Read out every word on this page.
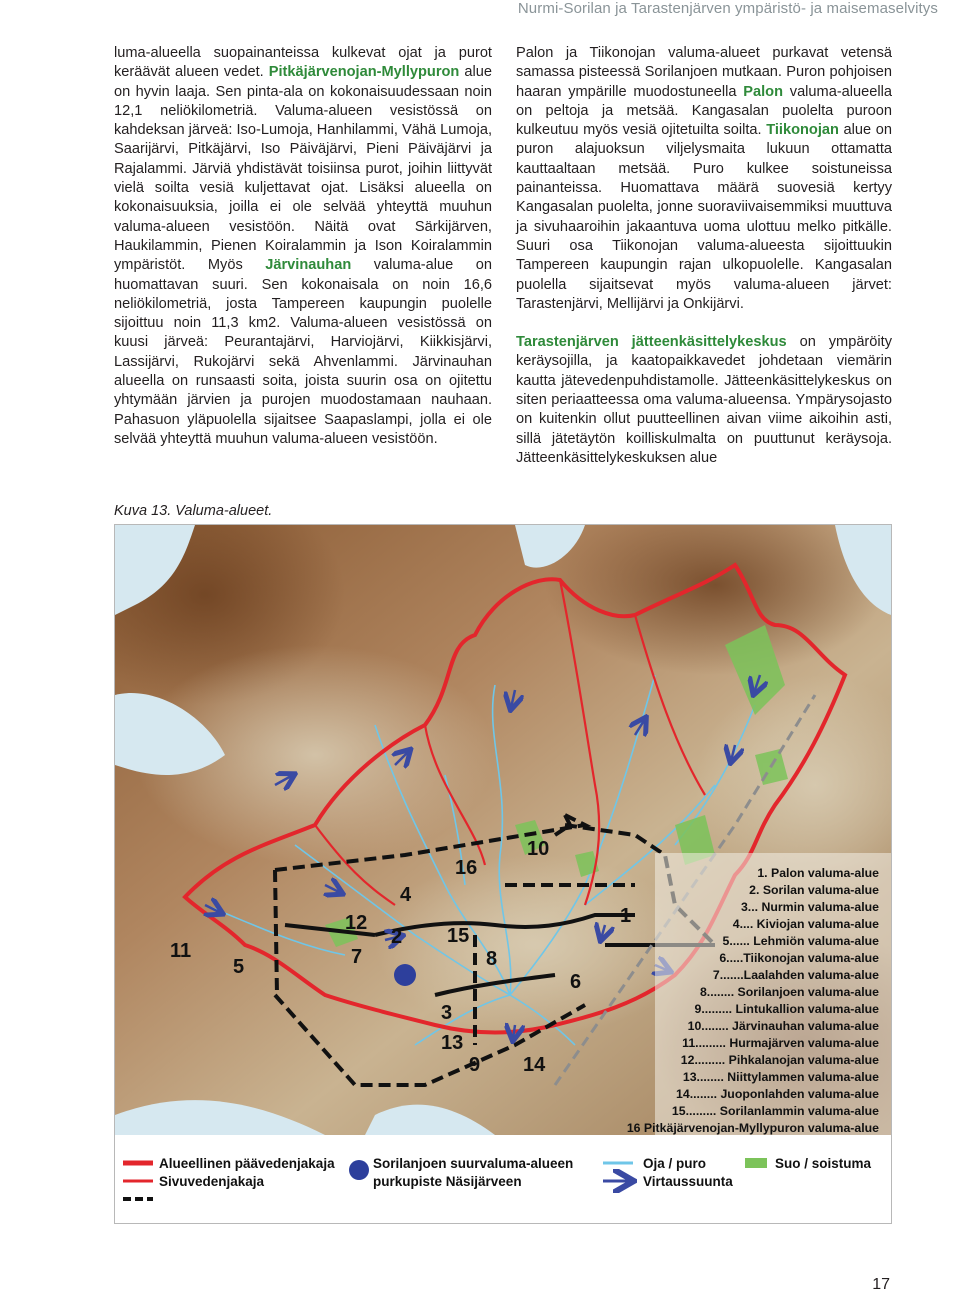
Nurmi-Sorilan ja Tarastenjärven ympäristö- ja maisemaselvitys

luma-alueella suopainanteissa kulkevat ojat ja purot keräävät alueen vedet. Pitkäjärvenojan-Myllypuron alue on hyvin laaja. Sen pinta-ala on kokonaisuudessaan noin 12,1 neliökilometriä. Valuma-alueen vesistössä on kahdeksan järveä: Iso-Lumoja, Hanhilammi, Vähä Lumoja, Saarijärvi, Pitkäjärvi, Iso Päiväjärvi, Pieni Päiväjärvi ja Rajalammi. Järviä yhdistävät toisiinsa purot, joihin liittyvät vielä soilta vesiä kuljettavat ojat. Lisäksi alueella on kokonaisuuksia, joilla ei ole selvää yhteyttä muuhun valuma-alueen vesistöön. Näitä ovat Särkijärven, Haukilammin, Pienen Koiralammin ja Ison Koiralammin ympäristöt. Myös Järvinauhan valuma-alue on huomattavan suuri. Sen kokonaisala on noin 16,6 neliökilometriä, josta Tampereen kaupungin puolelle sijoittuu noin 11,3 km2. Valuma-alueen vesistössä on kuusi järveä: Peurantajärvi, Harviojärvi, Kiikkisjärvi, Lassijärvi, Rukojärvi sekä Ahvenlammi. Järvinauhan alueella on runsaasti soita, joista suurin osa on ojitettu yhtymään järvien ja purojen muodostamaan nauhaan. Pahasuon yläpuolella sijaitsee Saapaslampi, jolla ei ole selvää yhteyttä muuhun valuma-alueen vesistöön.

Palon ja Tiikonojan valuma-alueet purkavat vetensä samassa pisteessä Sorilanjoen mutkaan. Puron pohjoisen haaran ympärille muodostuneella Palon valuma-alueella on peltoja ja metsää. Kangasalan puolelta puroon kulkeutuu myös vesiä ojitetuilta soilta. Tiikonojan alue on puron alajuoksun viljelysmaita lukuun ottamatta kauttaaltaan metsää. Puro kulkee soistuneissa painanteissa. Huomattava määrä suovesiä kertyy Kangasalan puolelta, jonne suoraviivaisemmiksi muuttuva ja sivuhaaroihin jakaantuva uoma ulottuu melko pitkälle. Suuri osa Tiikonojan valuma-alueesta sijoittuukin Tampereen kaupungin rajan ulkopuolelle. Kangasalan puolella sijaitsevat myös valuma-alueen järvet: Tarastenjärvi, Mellijärvi ja Onkijärvi.

Tarastenjärven jätteenkäsittelykeskus on ympäröity keräysojilla, ja kaatopaikkavedet johdetaan viemärin kautta jätevedenpuhdistamolle. Jätteenkäsittelykeskus on siten periaatteessa oma valuma-alueensa. Ympärysojasto on kuitenkin ollut puutteellinen aivan viime aikoihin asti, sillä jätetäytön koilliskulmalta on puuttunut keräysoja. Jätteenkäsittelykeskuksen alue

Kuva 13. Valuma-alueet.
1
2
3
4
5
6
7	8
9
10
11
12
13
14
15
16	1. Palon valuma-alue
2. Sorilan valuma-alue
3... Nurmin valuma-alue
4.... Kiviojan valuma-alue
5...... Lehmiön valuma-alue
6.....Tiikonojan valuma-alue
7.......Laalahden valuma-alue
8........ Sorilanjoen valuma-alue
9......... Lintukallion valuma-alue
10........ Järvinauhan valuma-alue
11......... Hurmajärven valuma-alue
12......... Pihkalanojan valuma-alue
13........ Niittylammen valuma-alue
14........ Juoponlahden valuma-alue
15......... Sorilanlammin valuma-alue
16 Pitkäjärvenojan-Myllypuron valuma-alue
Alueellinen päävedenjakaja
Sivuvedenjakaja
Sorilanjoen suurvaluma-alueen
purkupiste Näsijärveen
Oja / puro
Virtaussuunta
Suo / soistuma
17
